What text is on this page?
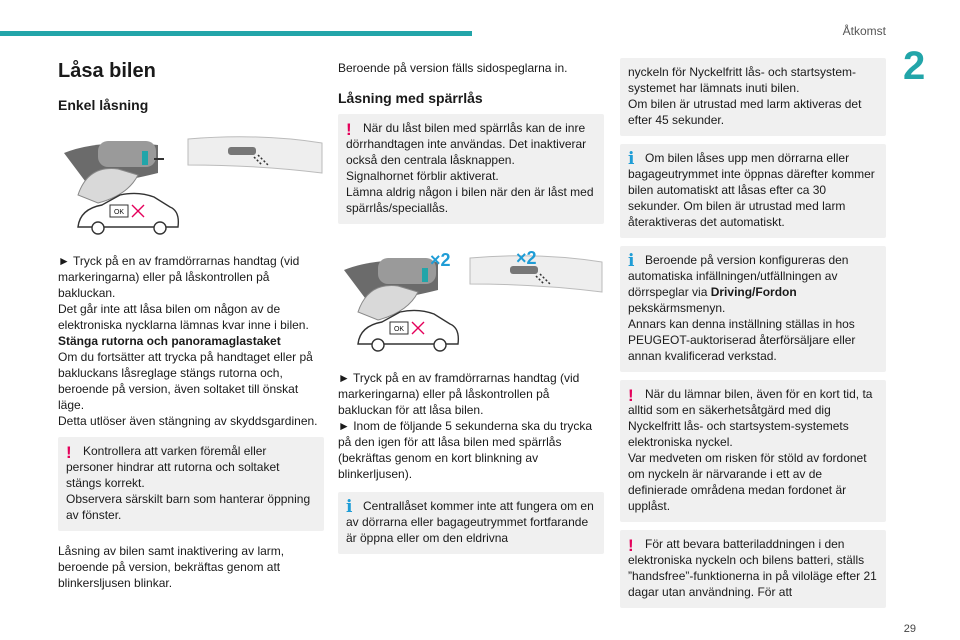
Åtkomst
2
29
Låsa bilen
Enkel låsning
OK

► Tryck på en av framdörrarnas handtag (vid markeringarna) eller på låskontrollen på bakluckan.

Det går inte att låsa bilen om någon av de elektroniska nycklarna lämnas kvar inne i bilen.

Stänga rutorna och panoramaglastaket

Om du fortsätter att trycka på handtaget eller på bakluckans låsreglage stängs rutorna och, beroende på version, även soltaket till önskat läge.

Detta utlöser även stängning av skyddsgardinen.

! Kontrollera att varken föremål eller personer hindrar att rutorna och soltaket stängs korrekt.

Observera särskilt barn som hanterar öppning av fönster.

Låsning av bilen samt inaktivering av larm, beroende på version, bekräftas genom att blinkersljusen blinkar.

Beroende på version fälls sidospeglarna in.

Låsning med spärrlås
! När du låst bilen med spärrlås kan de inre dörrhandtagen inte användas. Det inaktiverar också den centrala låsknappen.

Signalhornet förblir aktiverat.

Lämna aldrig någon i bilen när den är låst med spärrlås/speciallås.

×2	×2
OK

► Tryck på en av framdörrarnas handtag (vid markeringarna) eller på låskontrollen på bakluckan för att låsa bilen.

► Inom de följande 5 sekunderna ska du trycka på den igen för att låsa bilen med spärrlås (bekräftas genom en kort blinkning av blinkerljusen).

i Centrallåset kommer inte att fungera om en av dörrarna eller bagageutrymmet fortfarande är öppna eller om den eldrivna

nyckeln för Nyckelfritt lås- och startsystem-systemet har lämnats inuti bilen.

Om bilen är utrustad med larm aktiveras det efter 45 sekunder.

i Om bilen låses upp men dörrarna eller bagageutrymmet inte öppnas därefter kommer bilen automatiskt att låsas efter ca 30 sekunder. Om bilen är utrustad med larm återaktiveras det automatiskt.

i Beroende på version konfigureras den automatiska infällningen/utfällningen av dörrspeglar via Driving/Fordon pekskärmsmenyn.

Annars kan denna inställning ställas in hos PEUGEOT-auktoriserad återförsäljare eller annan kvalificerad verkstad.

! När du lämnar bilen, även för en kort tid, ta alltid som en säkerhetsåtgärd med dig Nyckelfritt lås- och startsystem-systemets elektroniska nyckel.

Var medveten om risken för stöld av fordonet om nyckeln är närvarande i ett av de definierade områdena medan fordonet är upplåst.

! För att bevara batteriladdningen i den elektroniska nyckeln och bilens batteri, ställs ”handsfree”-funktionerna in på viloläge efter 21 dagar utan användning. För att
